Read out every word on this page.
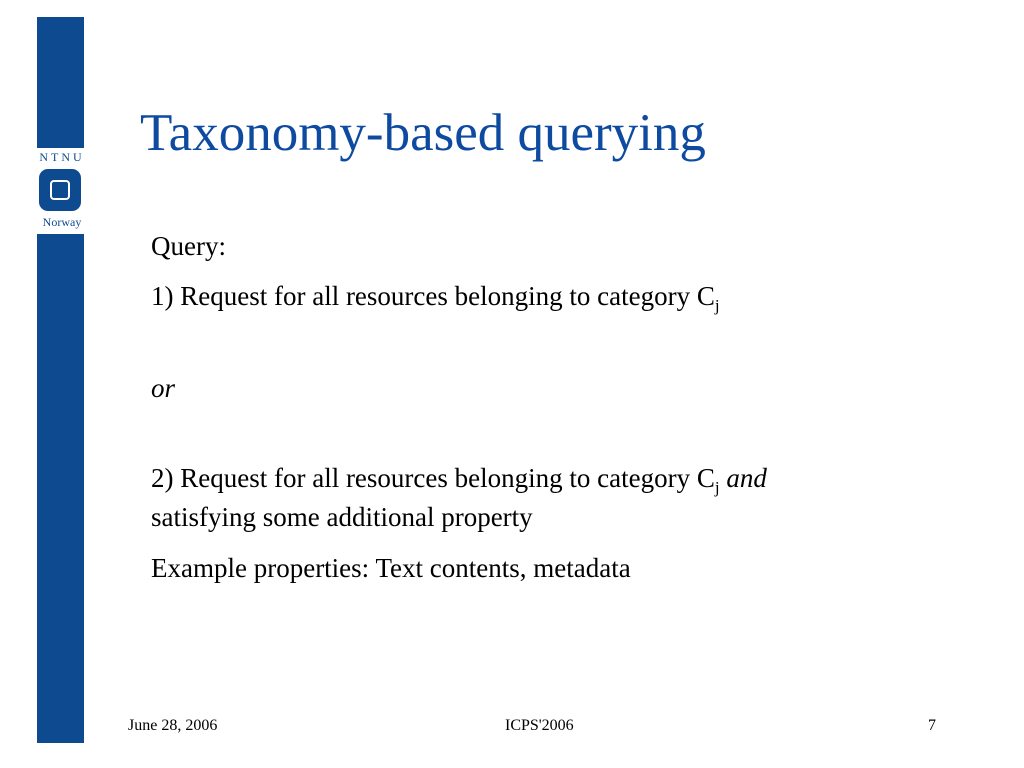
NTNU
Norway
Taxonomy-based querying

Query:

1) Request for all resources belonging to category $C_j$

or

2) Request for all resources belonging to category $C_j$ and

satisfying some additional property

Example properties: Text contents, metadata

June 28, 2006	ICPS'2006	7
